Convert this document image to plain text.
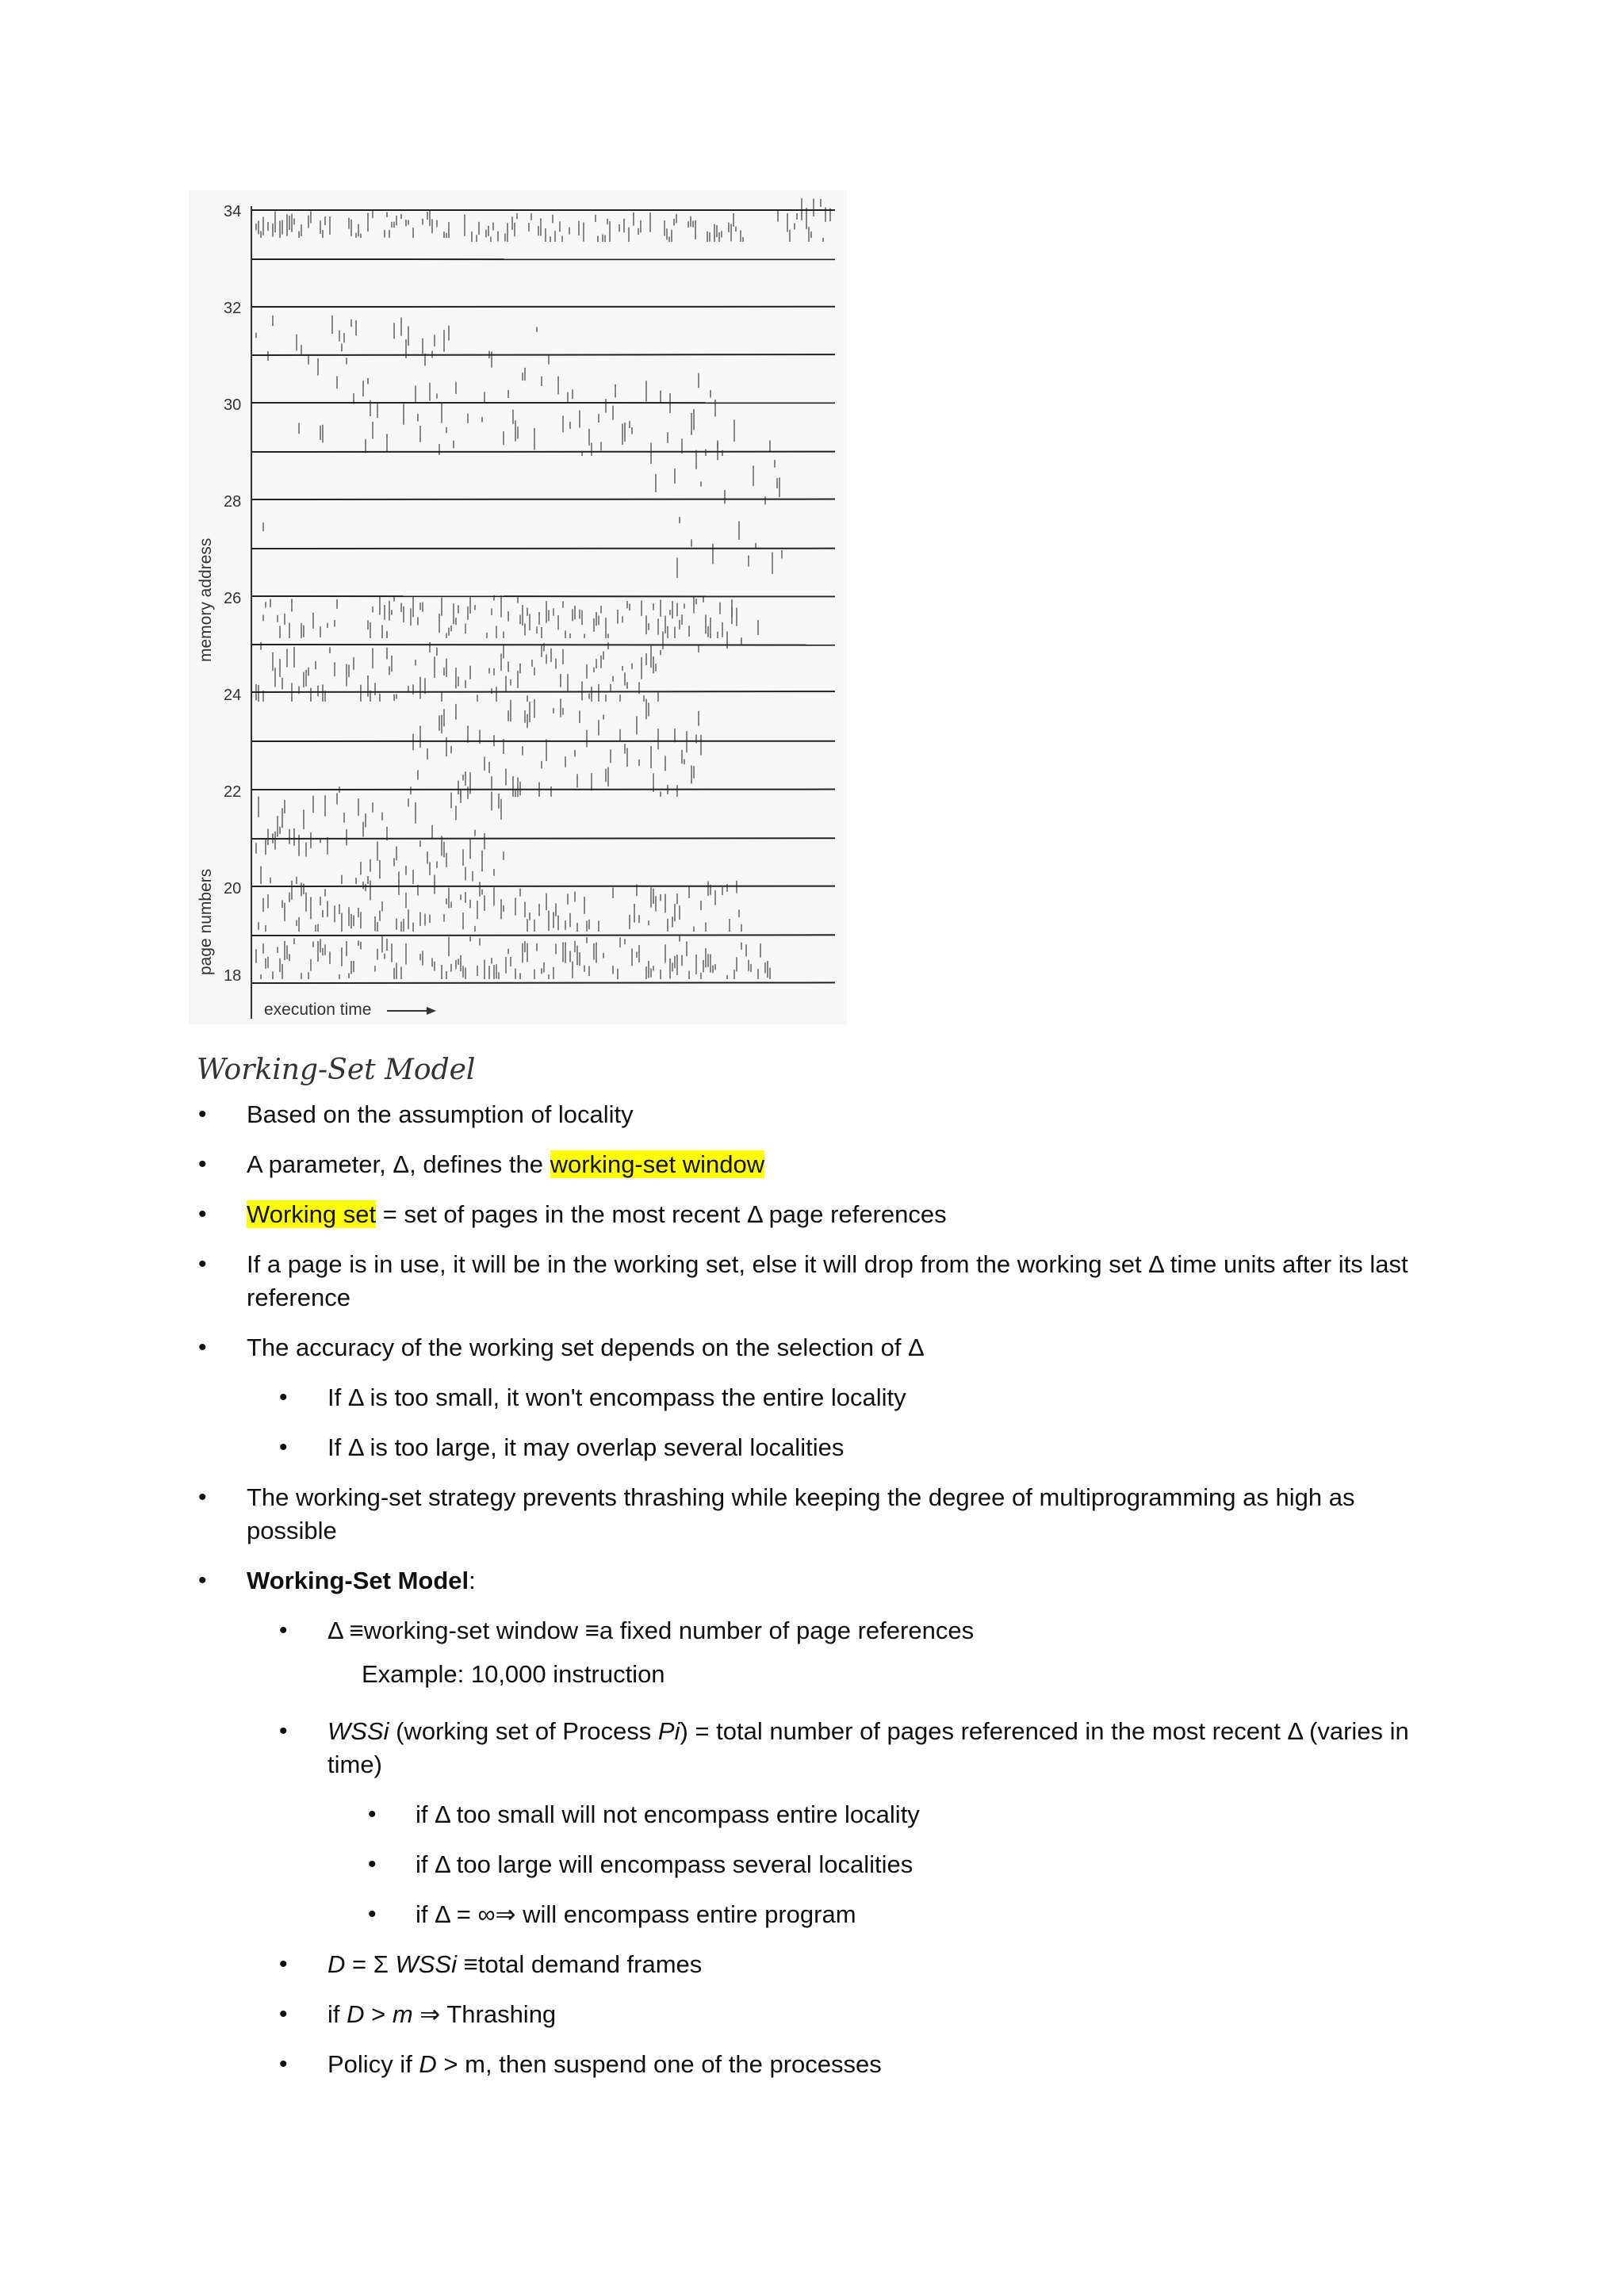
34
32
30
28
26
24
22
20
18
memory address
page numbers
execution time
Working-Set Model
• Based on the assumption of locality
• A parameter, Δ, defines the working-set window
• Working set = set of pages in the most recent Δ page references
• If a page is in use, it will be in the working set, else it will drop from the working set Δ time units after its last reference
• The accuracy of the working set depends on the selection of Δ
• If Δ is too small, it won't encompass the entire locality
• If Δ is too large, it may overlap several localities
• The working-set strategy prevents thrashing while keeping the degree of multiprogramming as high as possible
• Working-Set Model:
• Δ ≡working-set window ≡a fixed number of page references
Example: 10,000 instruction
• WSSi (working set of Process Pi) = total number of pages referenced in the most recent Δ (varies in time)
• if Δ too small will not encompass entire locality
• if Δ too large will encompass several localities
• if Δ = ∞⇒ will encompass entire program
• D = Σ WSSi ≡total demand frames
• if D > m ⇒ Thrashing
• Policy if D > m, then suspend one of the processes
